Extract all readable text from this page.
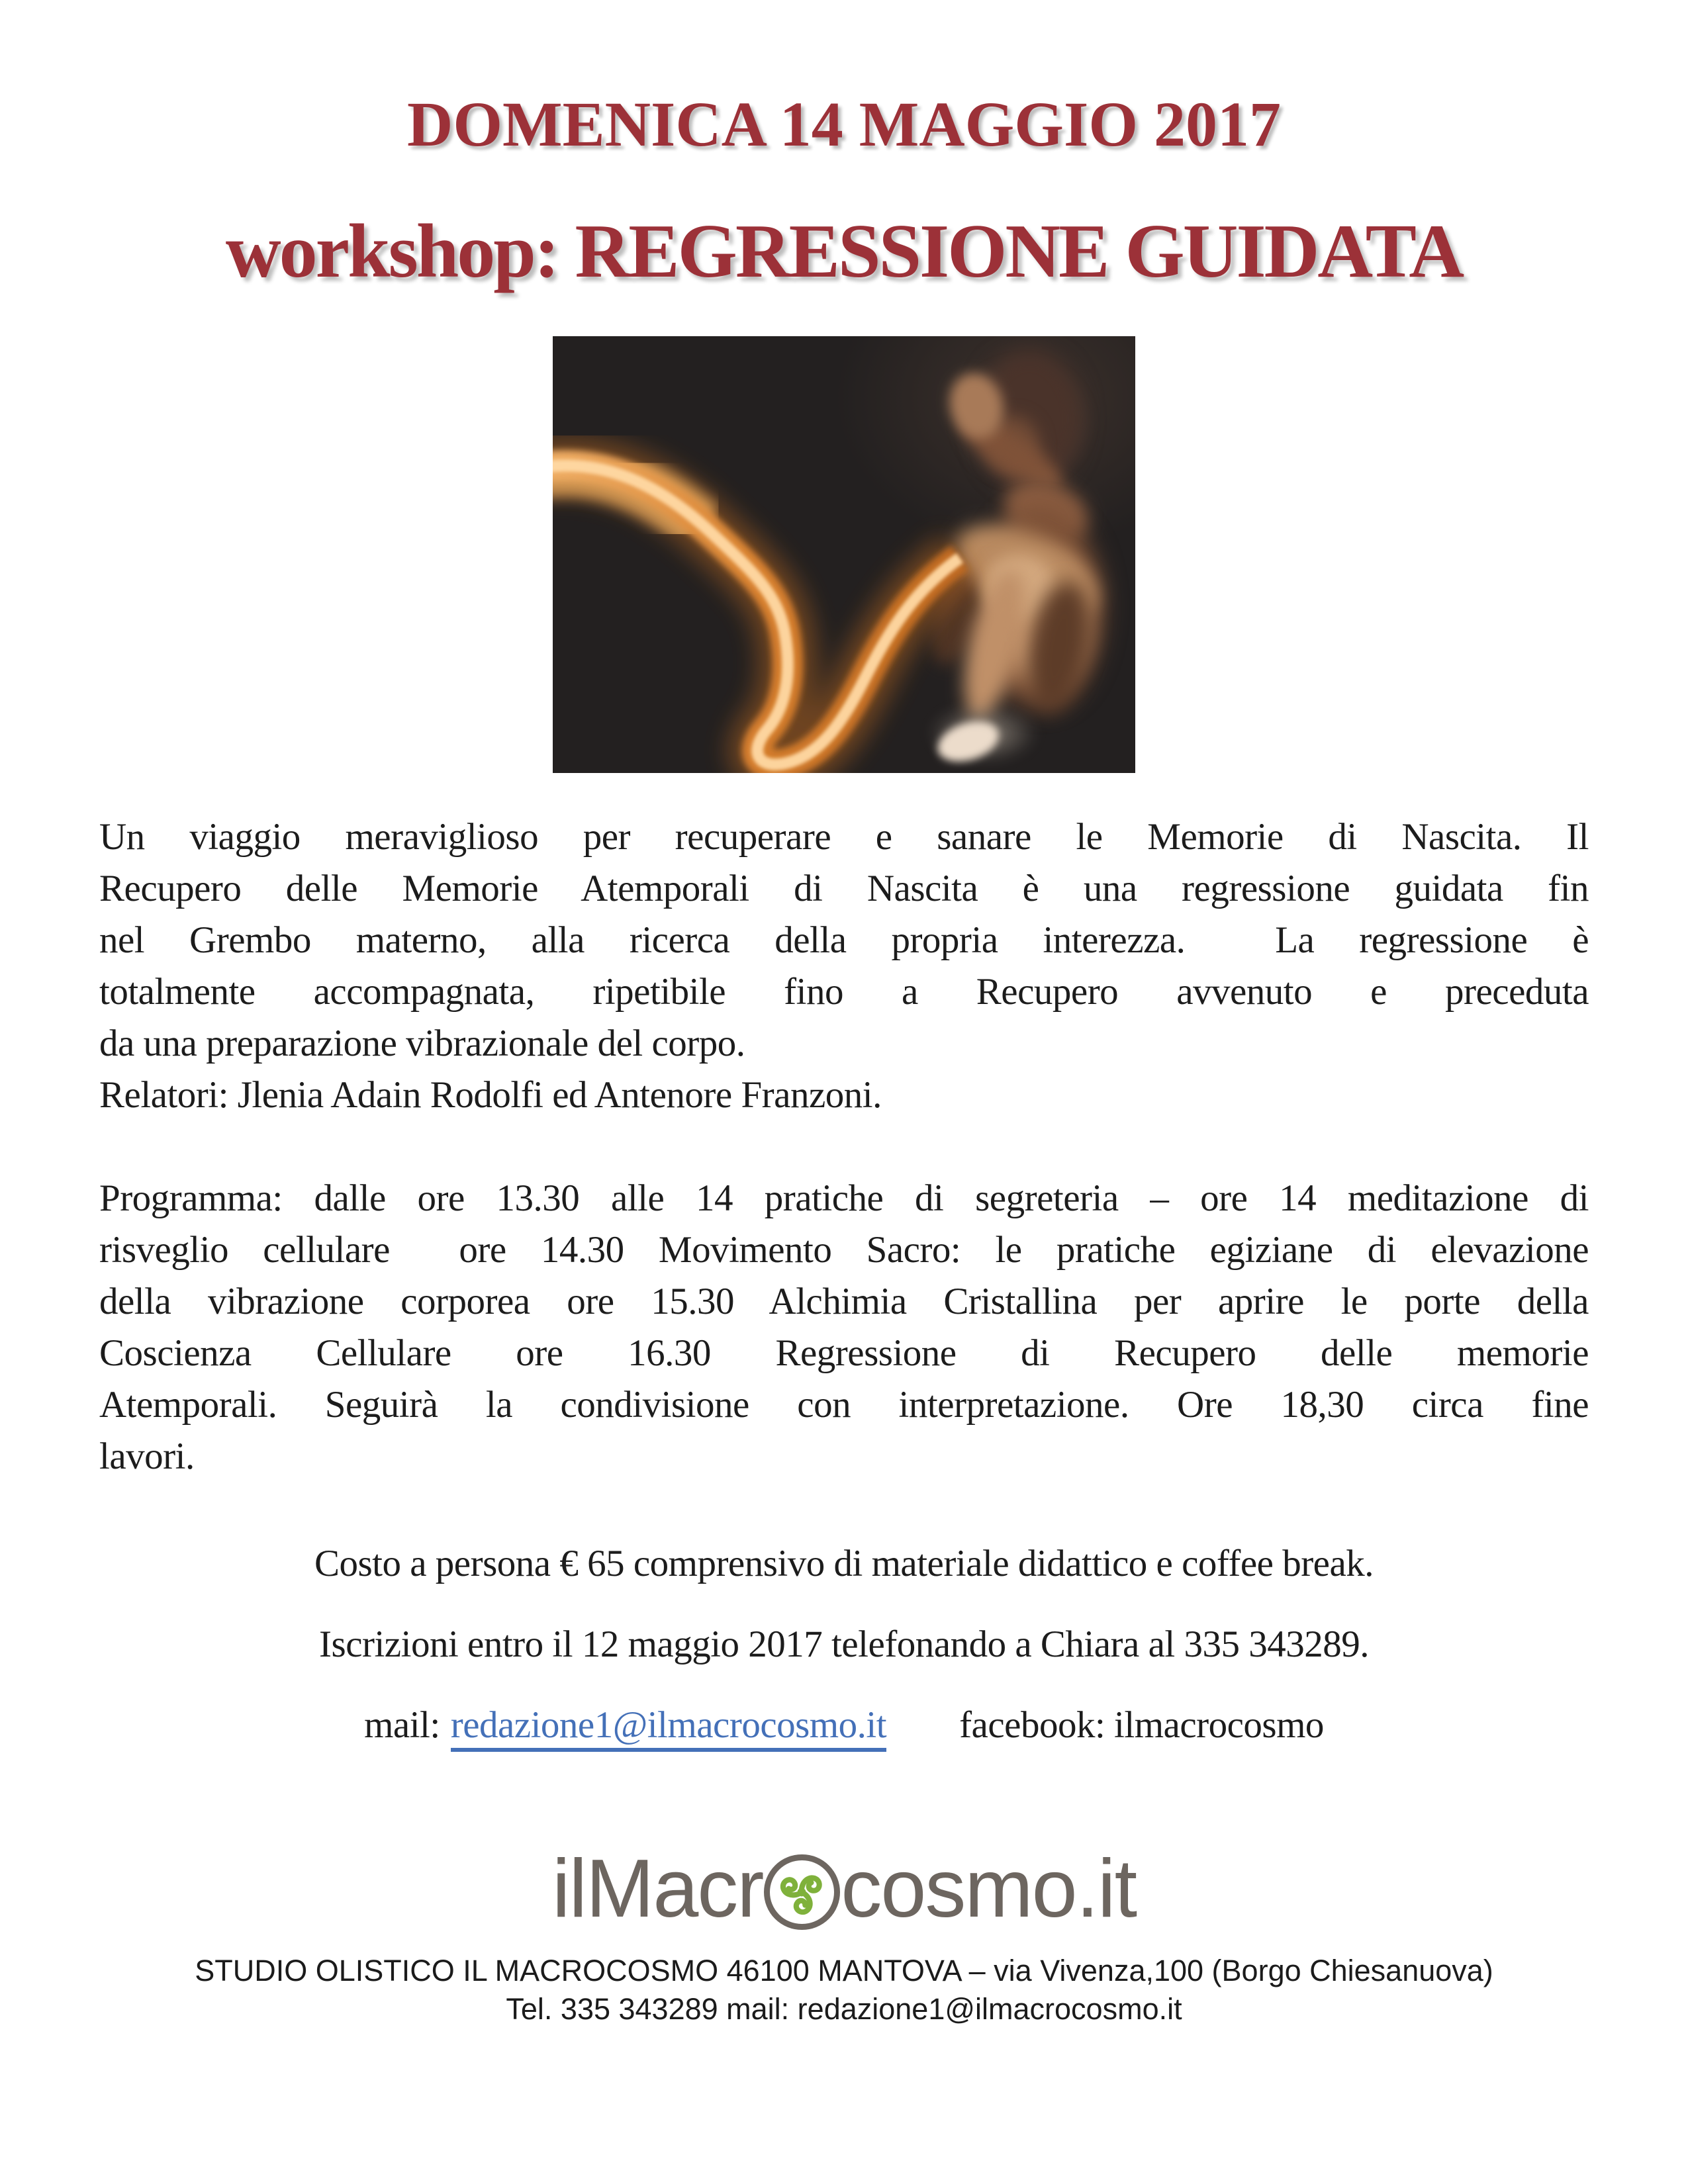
DOMENICA 14 MAGGIO 2017
workshop: REGRESSIONE GUIDATA
Un viaggio meraviglioso per recuperare e sanare le Memorie di Nascita. Il
Recupero delle Memorie Atemporali di Nascita è una regressione guidata fin
nel Grembo materno, alla ricerca della propria interezza.  La regressione è
totalmente accompagnata, ripetibile fino a Recupero avvenuto e preceduta
da una preparazione vibrazionale del corpo.
Relatori: Jlenia Adain Rodolfi ed Antenore Franzoni.
Programma: dalle ore 13.30 alle 14 pratiche di segreteria – ore 14 meditazione di
risveglio cellulare  ore 14.30 Movimento Sacro: le pratiche egiziane di elevazione
della vibrazione corporea ore 15.30 Alchimia Cristallina per aprire le porte della
Coscienza Cellulare ore 16.30 Regressione di Recupero delle memorie
Atemporali. Seguirà la condivisione con interpretazione. Ore 18,30 circa fine
lavori.
Costo a persona € 65 comprensivo di materiale didattico e coffee break.
Iscrizioni entro il 12 maggio 2017 telefonando a Chiara al 335 343289.
mail: redazione1@ilmacrocosmo.it facebook: ilmacrocosmo
ilMacr cosmo.it
STUDIO OLISTICO IL MACROCOSMO 46100 MANTOVA – via Vivenza,100 (Borgo Chiesanuova)
Tel. 335 343289 mail: redazione1@ilmacrocosmo.it
